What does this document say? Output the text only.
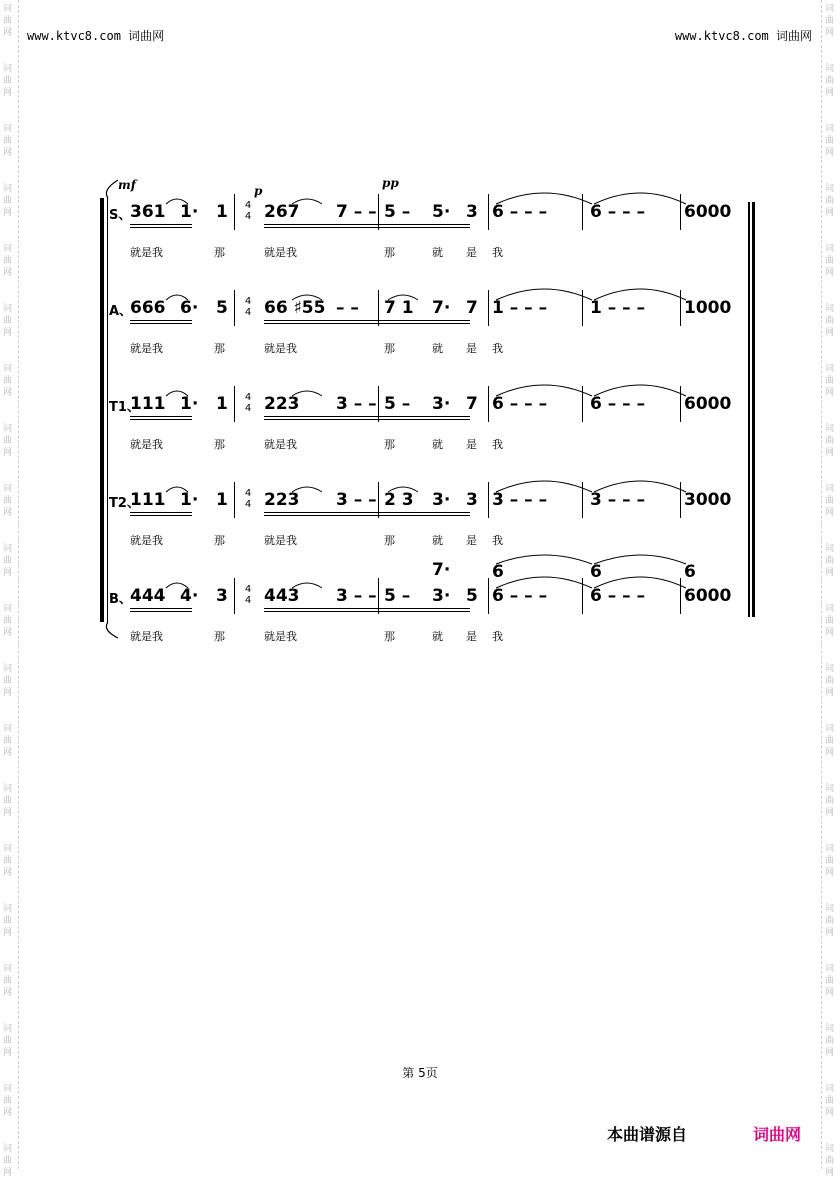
词
曲
网
词
曲
网
词
曲
网
词
曲
网
词
曲
网
词
曲
网
词
曲
网
词
曲
网
词
曲
网
词
曲
网
词
曲
网
词
曲
网
词
曲
网
词
曲
网
词
曲
网
词
曲
网
词
曲
网
词
曲
网
词
曲
网
词
曲
网
词
曲
网
词
曲
网
词
曲
网
词
曲
网
词
曲
网
词
曲
网
词
曲
网
词
曲
网
词
曲
网
词
曲
网
词
曲
网
词
曲
网
词
曲
网
词
曲
网
词
曲
网
词
曲
网
词
曲
网
词
曲
网
词
曲
网
词
曲
网
www.ktvc8.com 词曲网	www.ktvc8.com 词曲网
mf	p
pp
S、
361 1· 1 4
4 267 7 – – 5 – 5· 3 6 – – –	6 – – – 6000
就是我	那	就是我	那	就 是 我
A、
666 6· 5 4
4 66 ♯55 – – 7 1 7· 7 1 – – –	1 – – – 1000
就是我	那	就是我	那	就 是 我
T1、
111 1· 1 4
4 223 3 – – 5 – 3· 7 6 – – –	6 – – – 6000
就是我	那	就是我	那	就 是 我
T2、
111 1· 1 4
4 223 3 – – 2 3 3· 3 3 – – –	3 – – – 3000
就是我	那	就是我	那	就 是 我
B、
444 4· 3 4
4 443 3 – – 5 – 3· 5 6 – – –	6 – – – 6000
7· 6	6	6
就是我	那	就是我	那	就 是 我
第 5页
本曲谱源自	词曲网
